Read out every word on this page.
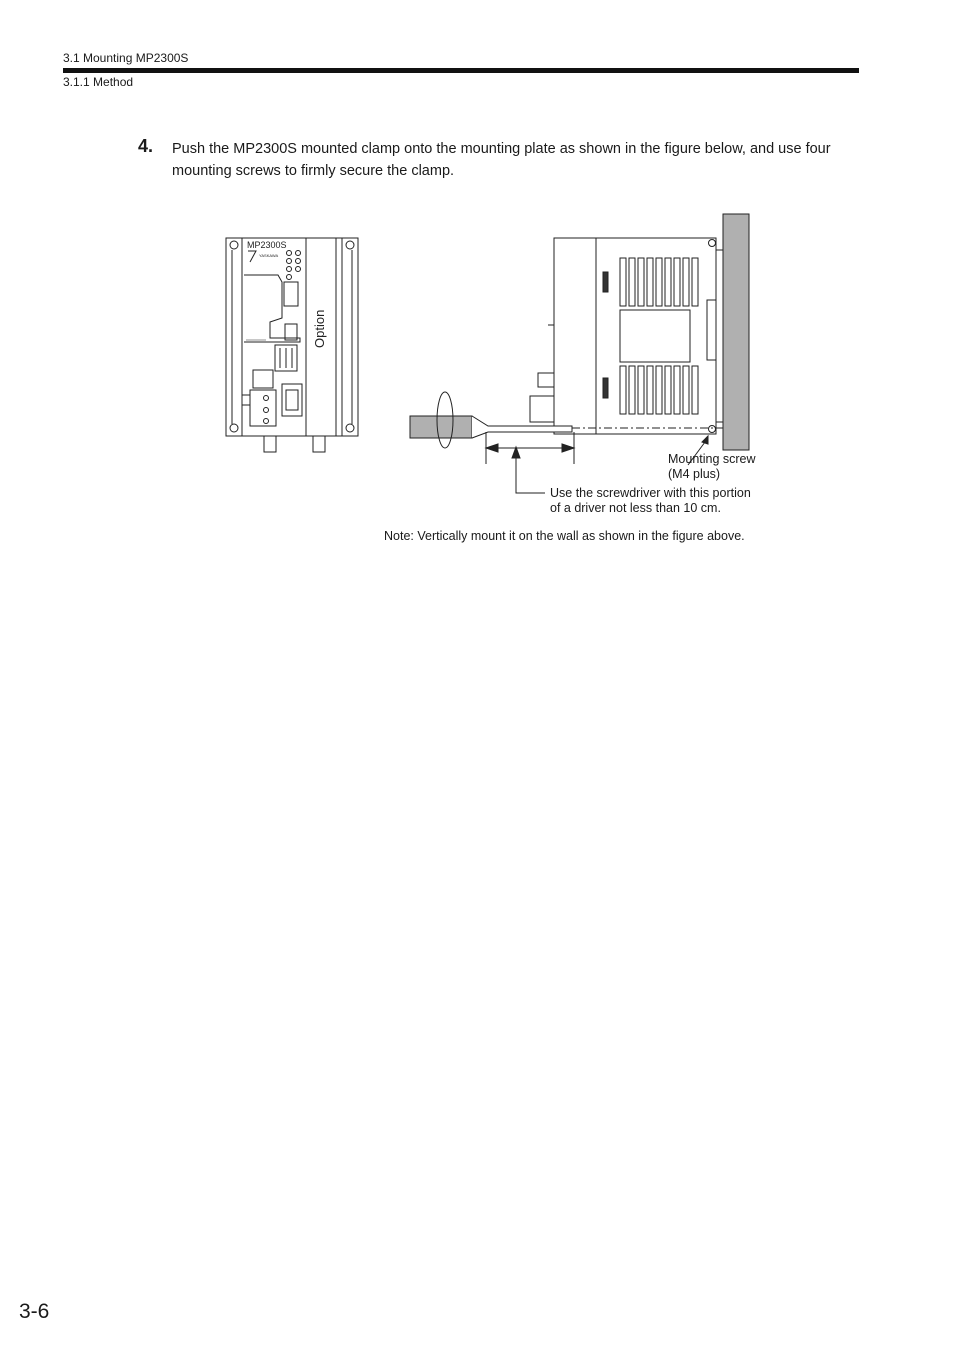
3.1 Mounting MP2300S
3.1.1 Method
4. Push the MP2300S mounted clamp onto the mounting plate as shown in the figure below, and use four mounting screws to firmly secure the clamp.
MP2300S
YASKAWA
Option
Mounting screw
(M4 plus)
Use the screwdriver with this portion
of a driver not less than 10 cm.
Note: Vertically mount it on the wall as shown in the figure above.
3-6
